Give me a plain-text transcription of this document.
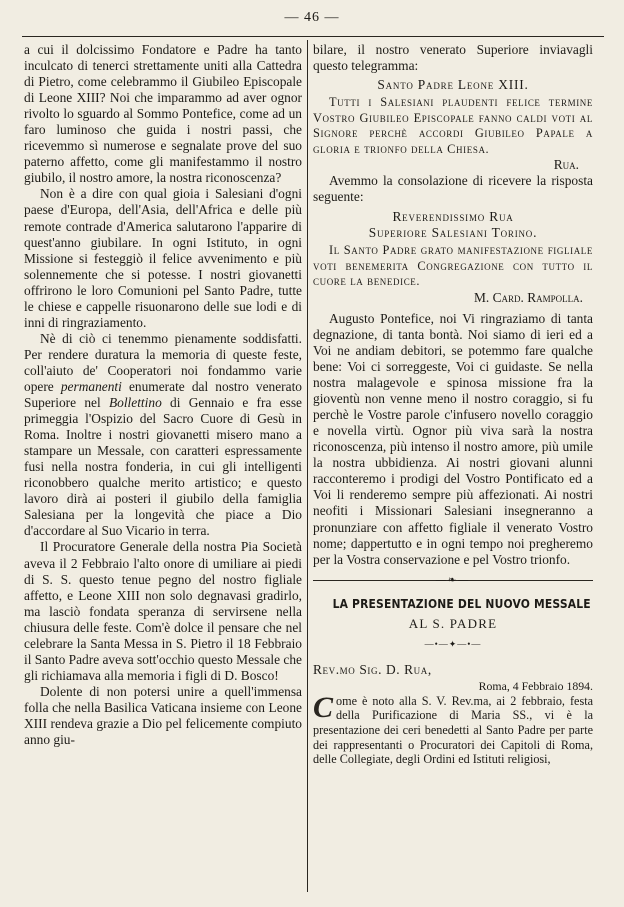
— 46 —

a cui il dolcissimo Fondatore e Padre ha tanto inculcato di tenerci strettamente uniti alla Cattedra di Pietro, come celebrammo il Giubileo Episcopale di Leone XIII? Noi che imparammo ad aver ognor rivolto lo sguardo al Sommo Pontefice, come ad un faro luminoso che guida i nostri passi, che ricevemmo sì numerose e segnalate prove del suo paterno affetto, come gli manifestammo il nostro giubilo, il nostro amore, la nostra riconoscenza?

Non è a dire con qual gioia i Salesiani d'ogni paese d'Europa, dell'Asia, dell'Africa e delle più remote contrade d'America salutarono l'apparire di quest'anno giubilare. In ogni Istituto, in ogni Missione si festeggiò il felice avvenimento e più solennemente che si potesse. I nostri giovanetti offrirono le loro Comunioni pel Santo Padre, tutte le chiese e cappelle risuonarono delle sue lodi e di inni di ringraziamento.

Nè di ciò ci tenemmo pienamente soddisfatti. Per rendere duratura la memoria di queste feste, coll'aiuto de' Cooperatori noi fondammo varie opere permanenti enumerate dal nostro venerato Superiore nel Bollettino di Gennaio e fra esse primeggia l'Ospizio del Sacro Cuore di Gesù in Roma. Inoltre i nostri giovanetti misero mano a stampare un Messale, con caratteri espressamente fusi nella nostra fonderia, in cui gli intelligenti riconobbero qualche merito artistico; e questo lavoro dirà ai posteri il giubilo della famiglia Salesiana per la longevità che piace a Dio d'accordare al Suo Vicario in terra.

Il Procuratore Generale della nostra Pia Società aveva il 2 Febbraio l'alto onore di umiliare ai piedi di S. S. questo tenue pegno del nostro figliale affetto, e Leone XIII non solo degnavasi gradirlo, ma lasciò fondata speranza di servirsene nella chiusura delle feste. Com'è dolce il pensare che nel celebrare la Santa Messa in S. Pietro il 18 Febbraio il Santo Padre aveva sott'occhio questo Messale che gli richiamava alla memoria i figli di D. Bosco!

Dolente di non potersi unire a quell'immensa folla che nella Basilica Vaticana insieme con Leone XIII rendeva grazie a Dio pel felicemente compiuto anno giu-

bilare, il nostro venerato Superiore inviavagli questo telegramma:

Santo Padre Leone XIII.

Tutti i Salesiani plaudenti felice termine Vostro Giubileo Episcopale fanno caldi voti al Signore perchè accordi Giubileo Papale a gloria e trionfo della Chiesa.

Rua.

Avemmo la consolazione di ricevere la risposta seguente:

Reverendissimo Rua

Superiore Salesiani Torino.

Il Santo Padre grato manifestazione figliale voti benemerita Congregazione con tutto il cuore la benedice.

M. Card. Rampolla.

Augusto Pontefice, noi Vi ringraziamo di tanta degnazione, di tanta bontà. Noi siamo di ieri ed a Voi ne andiam debitori, se potemmo fare qualche bene: Voi ci sorreggeste, Voi ci guidaste. Se nella nostra malagevole e spinosa missione fra la gioventù non venne meno il nostro coraggio, si fu perchè le Vostre parole c'infusero novello coraggio e novella virtù. Ognor più viva sarà la nostra riconoscenza, più intenso il nostro amore, più umile la nostra ubbidienza. Ai nostri giovani alunni racconteremo i prodigi del Vostro Pontificato ed a Voi li renderemo sempre più affezionati. Ai nostri neofiti i Missionari Salesiani insegneranno a pronunziare con affetto figliale il venerato Vostro nome; dappertutto e in ogni tempo noi pregheremo per la Vostra conservazione e pel Vostro trionfo.

—❧—
LA PRESENTAZIONE DEL NUOVO MESSALE
AL S. PADRE
—•—✦—•—

Rev.mo Sig. D. Rua,

Roma, 4 Febbraio 1894.

Come è noto alla S. V. Rev.ma, ai 2 febbraio, festa della Purificazione di Maria SS., vi è la presentazione dei ceri benedetti al Santo Padre per parte dei rappresentanti o Procuratori dei Capitoli di Roma, delle Collegiate, degli Ordini ed Istituti religiosi,
